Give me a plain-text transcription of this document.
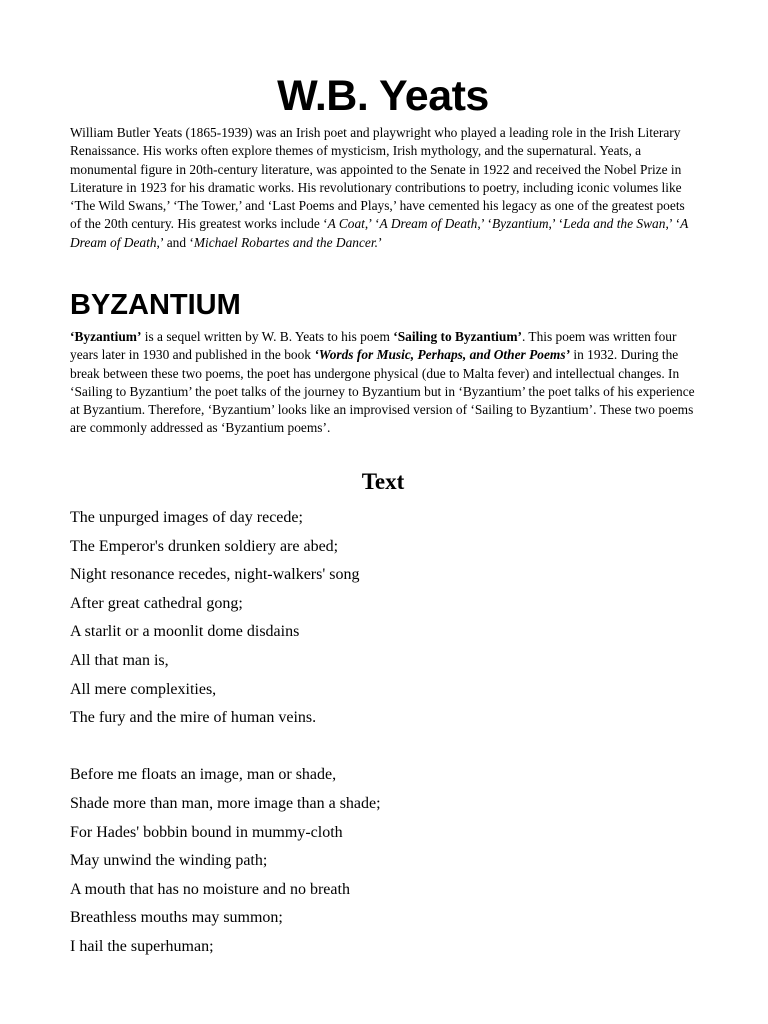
W.B. Yeats

William Butler Yeats (1865-1939) was an Irish poet and playwright who played a leading role in the Irish Literary Renaissance. His works often explore themes of mysticism, Irish mythology, and the supernatural. Yeats, a monumental figure in 20th-century literature, was appointed to the Senate in 1922 and received the Nobel Prize in Literature in 1923 for his dramatic works. His revolutionary contributions to poetry, including iconic volumes like ‘The Wild Swans,’ ‘The Tower,’ and ‘Last Poems and Plays,’ have cemented his legacy as one of the greatest poets of the 20th century. His greatest works include ‘A Coat,’ ‘A Dream of Death,’ ‘Byzantium,’ ‘Leda and the Swan,’ ‘A Dream of Death,’ and ‘Michael Robartes and the Dancer.’

BYZANTIUM

‘Byzantium’ is a sequel written by W. B. Yeats to his poem ‘Sailing to Byzantium’. This poem was written four years later in 1930 and published in the book ‘Words for Music, Perhaps, and Other Poems’ in 1932. During the break between these two poems, the poet has undergone physical (due to Malta fever) and intellectual changes. In ‘Sailing to Byzantium’ the poet talks of the journey to Byzantium but in ‘Byzantium’ the poet talks of his experience at Byzantium. Therefore, ‘Byzantium’ looks like an improvised version of ‘Sailing to Byzantium’. These two poems are commonly addressed as ‘Byzantium poems’.

Text
The unpurged images of day recede;
The Emperor's drunken soldiery are abed;
Night resonance recedes, night-walkers' song
After great cathedral gong;
A starlit or a moonlit dome disdains
All that man is,
All mere complexities,
The fury and the mire of human veins.
Before me floats an image, man or shade,
Shade more than man, more image than a shade;
For Hades' bobbin bound in mummy-cloth
May unwind the winding path;
A mouth that has no moisture and no breath
Breathless mouths may summon;
I hail the superhuman;
